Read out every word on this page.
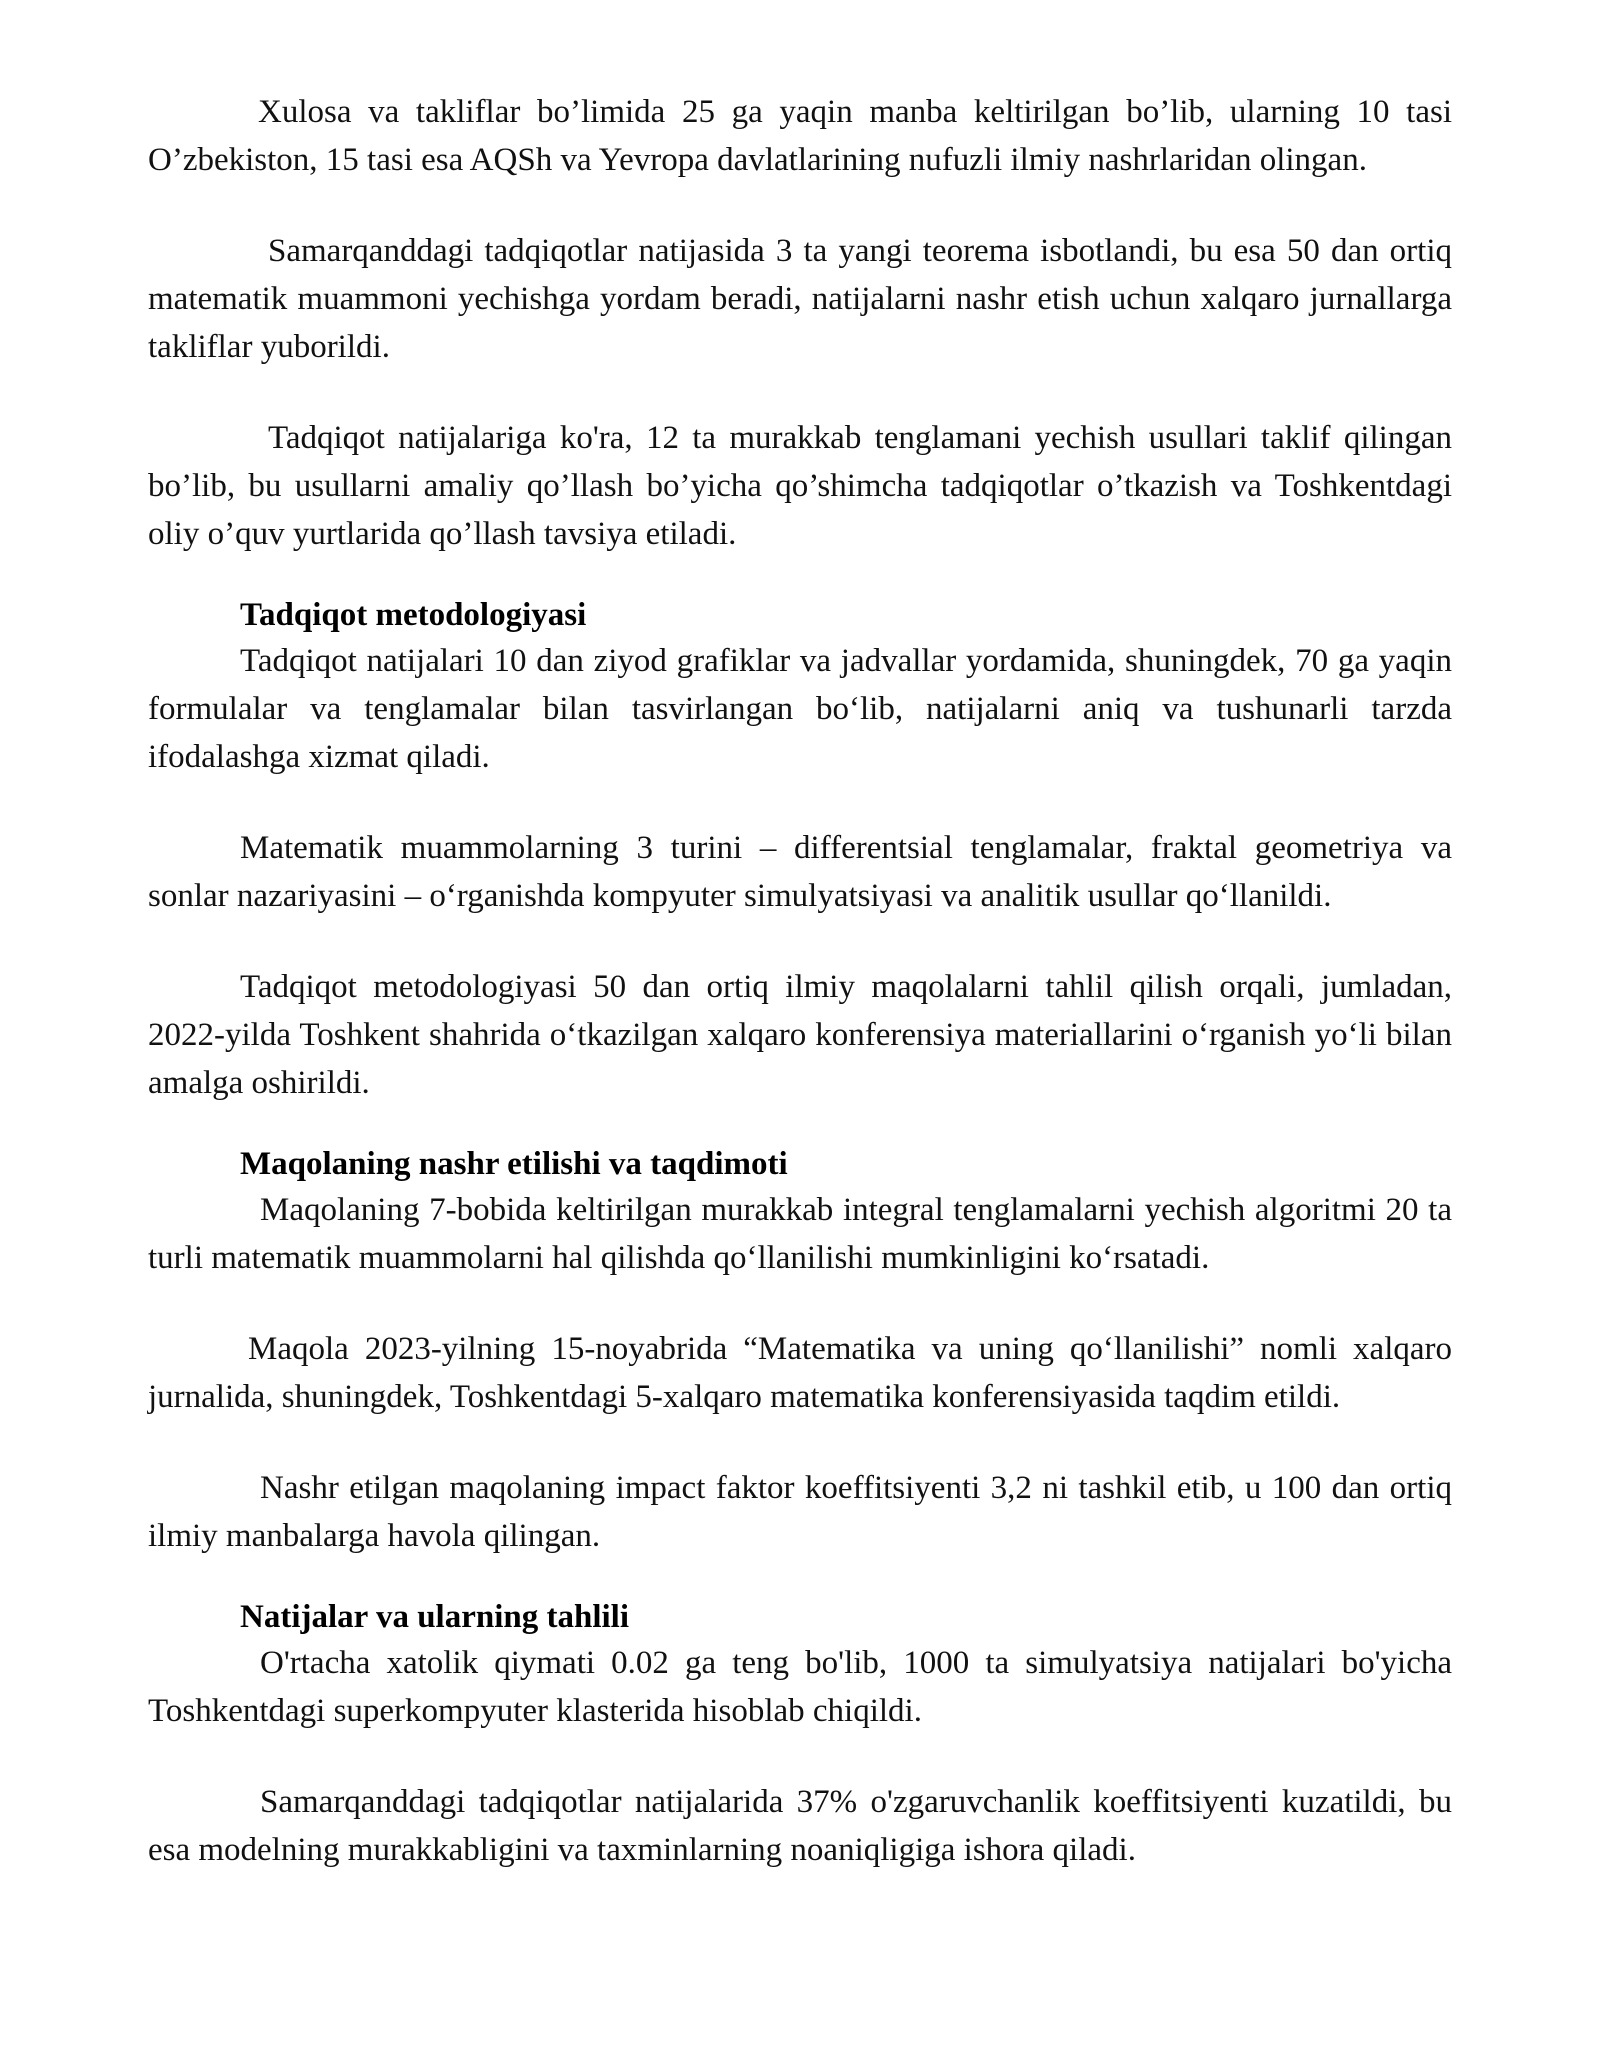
Xulosa va takliflar bo’limida 25 ga yaqin manba keltirilgan bo’lib, ularning 10 tasi O’zbekiston, 15 tasi esa AQSh va Yevropa davlatlarining nufuzli ilmiy nashrlaridan olingan.

Samarqanddagi tadqiqotlar natijasida 3 ta yangi teorema isbotlandi, bu esa 50 dan ortiq matematik muammoni yechishga yordam beradi, natijalarni nashr etish uchun xalqaro jurnallarga takliflar yuborildi.

Tadqiqot natijalariga ko'ra, 12 ta murakkab tenglamani yechish usullari taklif qilingan bo’lib, bu usullarni amaliy qo’llash bo’yicha qo’shimcha tadqiqotlar o’tkazish va Toshkentdagi oliy o’quv yurtlarida qo’llash tavsiya etiladi.

Tadqiqot metodologiyasi

Tadqiqot natijalari 10 dan ziyod grafiklar va jadvallar yordamida, shuningdek, 70 ga yaqin formulalar va tenglamalar bilan tasvirlangan bo‘lib, natijalarni aniq va tushunarli tarzda ifodalashga xizmat qiladi.

Matematik muammolarning 3 turini – differentsial tenglamalar, fraktal geometriya va sonlar nazariyasini – o‘rganishda kompyuter simulyatsiyasi va analitik usullar qo‘llanildi.

Tadqiqot metodologiyasi 50 dan ortiq ilmiy maqolalarni tahlil qilish orqali, jumladan, 2022-yilda Toshkent shahrida o‘tkazilgan xalqaro konferensiya materiallarini o‘rganish yo‘li bilan amalga oshirildi.

Maqolaning nashr etilishi va taqdimoti

Maqolaning 7-bobida keltirilgan murakkab integral tenglamalarni yechish algoritmi 20 ta turli matematik muammolarni hal qilishda qo‘llanilishi mumkinligini ko‘rsatadi.

Maqola 2023-yilning 15-noyabrida “Matematika va uning qo‘llanilishi” nomli xalqaro jurnalida, shuningdek, Toshkentdagi 5-xalqaro matematika konferensiyasida taqdim etildi.

Nashr etilgan maqolaning impact faktor koeffitsiyenti 3,2 ni tashkil etib, u 100 dan ortiq ilmiy manbalarga havola qilingan.

Natijalar va ularning tahlili

O'rtacha xatolik qiymati 0.02 ga teng bo'lib, 1000 ta simulyatsiya natijalari bo'yicha Toshkentdagi superkompyuter klasterida hisoblab chiqildi.

Samarqanddagi tadqiqotlar natijalarida 37% o'zgaruvchanlik koeffitsiyenti kuzatildi, bu esa modelning murakkabligini va taxminlarning noaniqligiga ishora qiladi.
